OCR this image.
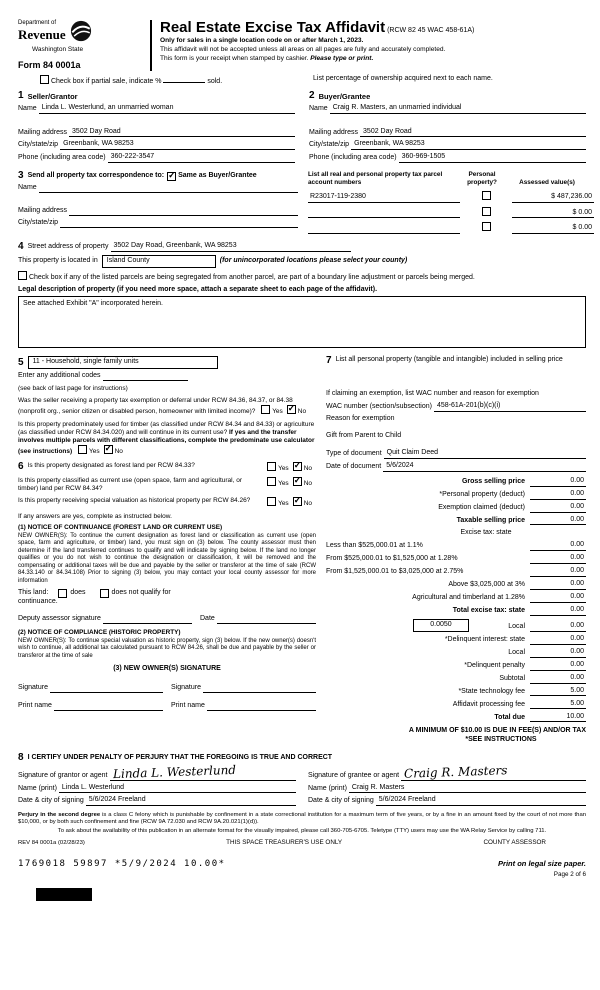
Department of
Revenue
Washington State
Form 84 0001a
Real Estate Excise Tax Affidavit (RCW 82 45 WAC 458-61A)
Only for sales in a single location code on or after March 1, 2023.
This affidavit will not be accepted unless all areas on all pages are fully and accurately completed.
This form is your receipt when stamped by cashier. Please type or print.
Check box if partial sale, indicate %	sold.	List percentage of ownership acquired next to each name.
1 Seller/Grantor
Name Linda L. Westerlund, an unmarried woman
Mailing address 3502 Day Road
City/state/zip Greenbank, WA 98253
Phone (including area code) 360-222-3547
2 Buyer/Grantee
Name Craig R. Masters, an unmarried individual
Mailing address 3502 Day Road
City/state/zip Greenbank, WA 98253
Phone (including area code) 360-969-1505
3 Send all property tax correspondence to: ✓ Same as Buyer/Grantee
Name
Mailing address
City/state/zip
List all real and personal property tax parcel account numbers
Personal property?	Assessed value(s)
R23017-119-2380	$ 487,236.00
$ 0.00
$ 0.00
4 Street address of property 3502 Day Road, Greenbank, WA 98253
This property is located in	Island County	(for unincorporated locations please select your county)
Check box if any of the listed parcels are being segregated from another parcel, are part of a boundary line adjustment or parcels being merged.
Legal description of property (if you need more space, attach a separate sheet to each page of the affidavit).
See attached Exhibit "A" incorporated herein.
5	11 - Household, single family units
Enter any additional codes
(see back of last page for instructions)
Was the seller receiving a property tax exemption or deferral under RCW 84.36, 84.37, or 84.38 (nonprofit org., senior citizen or disabled person, homeowner with limited income)?	Yes ✓ No
Is this property predominately used for timber (as classified under RCW 84.34 and 84.33) or agriculture (as classified under RCW 84.34.020) and will continue in its current use? If yes and the transfer involves multiple parcels with different classifications, complete the predominate use calculator (see instructions)	Yes ✓ No
6 Is this property designated as forest land per RCW 84.33?	Yes ✓ No
Is this property classified as current use (open space, farm and agricultural, or timber) land per RCW 84.34?
Yes ✓ No
Is this property receiving special valuation as historical property per RCW 84.26?	Yes ✓ No
If any answers are yes, complete as instructed below.
(1) NOTICE OF CONTINUANCE (FOREST LAND OR CURRENT USE)
NEW OWNER(S): To continue the current designation as forest land or classification as current use (open space, farm and agriculture, or timber) land, you must sign on (3) below. The county assessor must then determine if the land transferred continues to qualify and will indicate by signing below. If the land no longer qualifies or you do not wish to continue the designation or classification, it will be removed and the compensating or additional taxes will be due and payable by the seller or transferor at the time of sale (RCW 84.33.140 or 84.34.108) Prior to signing (3) below, you may contact your local county assessor for more information
This land:	does	does not qualify for
continuance.
Deputy assessor signature	Date
(2) NOTICE OF COMPLIANCE (HISTORIC PROPERTY)
NEW OWNER(S): To continue special valuation as historic property, sign (3) below. If the new owner(s) doesn't wish to continue, all additional tax calculated pursuant to RCW 84.26, shall be due and payable by the seller or transferor at the time of sale
(3) NEW OWNER(S) SIGNATURE
Signature	Signature
Print name	Print name
7 List all personal property (tangible and intangible) included in selling price
If claiming an exemption, list WAC number and reason for exemption
WAC number (section/subsection) 458-61A-201(b)(c)(i)
Reason for exemption
Gift from Parent to Child
Type of document Quit Claim Deed
Date of document 5/6/2024
Gross selling price	0.00
*Personal property (deduct)	0.00
Exemption claimed (deduct)	0.00
Taxable selling price	0.00
Excise tax: state
Less than $525,000.01 at 1.1%	0.00
From $525,000.01 to $1,525,000 at 1.28%	0.00
From $1,525,000.01 to $3,025,000 at 2.75%	0.00
Above $3,025,000 at 3%	0.00
Agricultural and timberland at 1.28%	0.00
Total excise tax: state	0.00
0.0050	Local	0.00
*Delinquent interest: state	0.00
Local	0.00
*Delinquent penalty	0.00
Subtotal	0.00
*State technology fee	5.00
Affidavit processing fee	5.00
Total due	10.00
A MINIMUM OF $10.00 IS DUE IN FEE(S) AND/OR TAX
*SEE INSTRUCTIONS
8 I CERTIFY UNDER PENALTY OF PERJURY THAT THE FOREGOING IS TRUE AND CORRECT
Signature of grantor or agent Linda L. Westerlund
Name (print) Linda L. Westerlund
Date & city of signing 5/6/2024 Freeland
Signature of grantee or agent Craig R. Masters
Name (print) Craig R. Masters
Date & city of signing 5/6/2024 Freeland
Perjury in the second degree is a class C felony which is punishable by confinement in a state correctional institution for a maximum term of five years, or by a fine in an amount fixed by the court of not more than $10,000, or by both such confinement and fine (RCW 9A 72.030 and RCW 9A.20.021(1)(d)).
To ask about the availability of this publication in an alternate format for the visually impaired, please call 360-705-6705. Teletype (TTY) users may use the WA Relay Service by calling 711.
REV 84 0001a (02/28/23)	THIS SPACE TREASURER'S USE ONLY	COUNTY ASSESSOR
1769018 59897 *5/9/2024 10.00*	Print on legal size paper.
Page 2 of 6
